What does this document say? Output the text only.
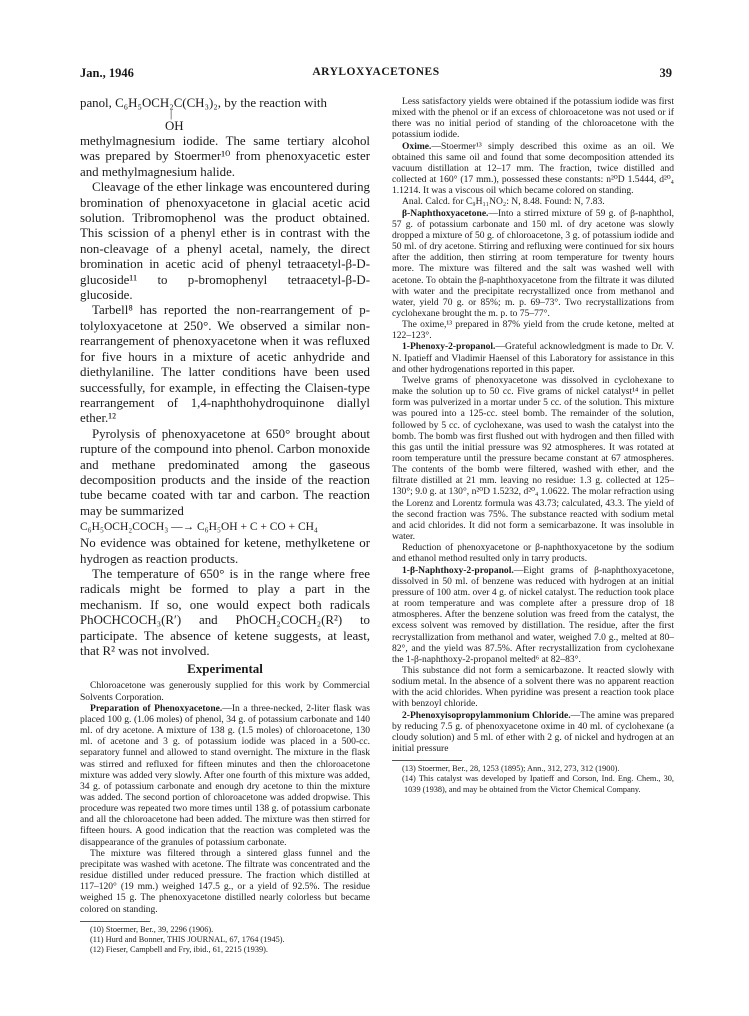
Jan., 1946	ARYLOXYACETONES	39

panol, C₆H₅OCH₂C(CH₃)₂, by the reaction with

|

OH

methylmagnesium iodide. The same tertiary alcohol was prepared by Stoermer¹⁰ from phenoxyacetic ester and methylmagnesium halide.

Cleavage of the ether linkage was encountered during bromination of phenoxyacetone in glacial acetic acid solution. Tribromophenol was the product obtained. This scission of a phenyl ether is in contrast with the non-cleavage of a phenyl acetal, namely, the direct bromination in acetic acid of phenyl tetraacetyl-β-D-glucoside¹¹ to p-bromophenyl tetraacetyl-β-D-glucoside.

Tarbell⁸ has reported the non-rearrangement of p-tolyloxyacetone at 250°. We observed a similar non-rearrangement of phenoxyacetone when it was refluxed for five hours in a mixture of acetic anhydride and diethylaniline. The latter conditions have been used successfully, for example, in effecting the Claisen-type rearrangement of 1,4-naphthohydroquinone diallyl ether.¹²

Pyrolysis of phenoxyacetone at 650° brought about rupture of the compound into phenol. Carbon monoxide and methane predominated among the gaseous decomposition products and the inside of the reaction tube became coated with tar and carbon. The reaction may be summarized

C₆H₅OCH₂COCH₃ —→ C₆H₅OH + C + CO + CH₄

No evidence was obtained for ketene, methylketene or hydrogen as reaction products.

The temperature of 650° is in the range where free radicals might be formed to play a part in the mechanism. If so, one would expect both radicals PhOCHCOCH₃(R′) and PhOCH₂COCH₂(R²) to participate. The absence of ketene suggests, at least, that R² was not involved.

Experimental

Chloroacetone was generously supplied for this work by Commercial Solvents Corporation.

Preparation of Phenoxyacetone.—In a three-necked, 2-liter flask was placed 100 g. (1.06 moles) of phenol, 34 g. of potassium carbonate and 140 ml. of dry acetone. A mixture of 138 g. (1.5 moles) of chloroacetone, 130 ml. of acetone and 3 g. of potassium iodide was placed in a 500-cc. separatory funnel and allowed to stand overnight. The mixture in the flask was stirred and refluxed for fifteen minutes and then the chloroacetone mixture was added very slowly. After one fourth of this mixture was added, 34 g. of potassium carbonate and enough dry acetone to thin the mixture was added. The second portion of chloroacetone was added dropwise. This procedure was repeated two more times until 138 g. of potassium carbonate and all the chloroacetone had been added. The mixture was then stirred for fifteen hours. A good indication that the reaction was completed was the disappearance of the granules of potassium carbonate.

The mixture was filtered through a sintered glass funnel and the precipitate was washed with acetone. The filtrate was concentrated and the residue distilled under reduced pressure. The fraction which distilled at 117–120° (19 mm.) weighed 147.5 g., or a yield of 92.5%. The residue weighed 15 g. The phenoxyacetone distilled nearly colorless but became colored on standing.

(10) Stoermer, Ber., 39, 2296 (1906).

(11) Hurd and Bonner, THIS JOURNAL, 67, 1764 (1945).

(12) Fieser, Campbell and Fry, ibid., 61, 2215 (1939).

Less satisfactory yields were obtained if the potassium iodide was first mixed with the phenol or if an excess of chloroacetone was not used or if there was no initial period of standing of the chloroacetone with the potassium iodide.

Oxime.—Stoermer¹³ simply described this oxime as an oil. We obtained this same oil and found that some decomposition attended its vacuum distillation at 12–17 mm. The fraction, twice distilled and collected at 160° (17 mm.), possessed these constants: n²⁰D 1.5444, d²⁰₄ 1.1214. It was a viscous oil which became colored on standing.

Anal. Calcd. for C₉H₁₁NO₂: N, 8.48. Found: N, 7.83.

β-Naphthoxyacetone.—Into a stirred mixture of 59 g. of β-naphthol, 57 g. of potassium carbonate and 150 ml. of dry acetone was slowly dropped a mixture of 50 g. of chloroacetone, 3 g. of potassium iodide and 50 ml. of dry acetone. Stirring and refluxing were continued for six hours after the addition, then stirring at room temperature for twenty hours more. The mixture was filtered and the salt was washed well with acetone. To obtain the β-naphthoxyacetone from the filtrate it was diluted with water and the precipitate recrystallized once from methanol and water, yield 70 g. or 85%; m. p. 69–73°. Two recrystallizations from cyclohexane brought the m. p. to 75–77°.

The oxime,¹³ prepared in 87% yield from the crude ketone, melted at 122–123°.

1-Phenoxy-2-propanol.—Grateful acknowledgment is made to Dr. V. N. Ipatieff and Vladimir Haensel of this Laboratory for assistance in this and other hydrogenations reported in this paper.

Twelve grams of phenoxyacetone was dissolved in cyclohexane to make the solution up to 50 cc. Five grams of nickel catalyst¹⁴ in pellet form was pulverized in a mortar under 5 cc. of the solution. This mixture was poured into a 125-cc. steel bomb. The remainder of the solution, followed by 5 cc. of cyclohexane, was used to wash the catalyst into the bomb. The bomb was first flushed out with hydrogen and then filled with this gas until the initial pressure was 92 atmospheres. It was rotated at room temperature until the pressure became constant at 67 atmospheres. The contents of the bomb were filtered, washed with ether, and the filtrate distilled at 21 mm. leaving no residue: 1.3 g. collected at 125–130°; 9.0 g. at 130°, n²⁰D 1.5232, d²⁰₄ 1.0622. The molar refraction using the Lorenz and Lorentz formula was 43.73; calculated, 43.3. The yield of the second fraction was 75%. The substance reacted with sodium metal and acid chlorides. It did not form a semicarbazone. It was insoluble in water.

Reduction of phenoxyacetone or β-naphthoxyacetone by the sodium and ethanol method resulted only in tarry products.

1-β-Naphthoxy-2-propanol.—Eight grams of β-naphthoxyacetone, dissolved in 50 ml. of benzene was reduced with hydrogen at an initial pressure of 100 atm. over 4 g. of nickel catalyst. The reduction took place at room temperature and was complete after a pressure drop of 18 atmospheres. After the benzene solution was freed from the catalyst, the excess solvent was removed by distillation. The residue, after the first recrystallization from methanol and water, weighed 7.0 g., melted at 80–82°, and the yield was 87.5%. After recrystallization from cyclohexane the 1-β-naphthoxy-2-propanol melted⁶ at 82–83°.

This substance did not form a semicarbazone. It reacted slowly with sodium metal. In the absence of a solvent there was no apparent reaction with the acid chlorides. When pyridine was present a reaction took place with benzoyl chloride.

2-Phenoxyisopropylammonium Chloride.—The amine was prepared by reducing 7.5 g. of phenoxyacetone oxime in 40 ml. of cyclohexane (a cloudy solution) and 5 ml. of ether with 2 g. of nickel and hydrogen at an initial pressure

(13) Stoermer, Ber., 28, 1253 (1895); Ann., 312, 273, 312 (1900).

(14) This catalyst was developed by Ipatieff and Corson, Ind. Eng. Chem., 30, 1039 (1938), and may be obtained from the Victor Chemical Company.
